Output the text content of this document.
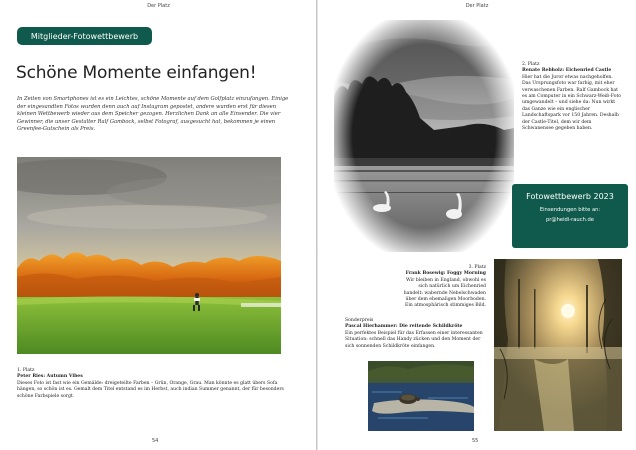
Der Platz
Mitglieder-Fotowettbewerb
Schöne Momente einfangen!

In Zeiten von Smartphones ist es ein Leichtes, schöne Momente auf dem Golfplatz einzufangen. Einige der eingesandten Fotos wurden denn auch auf Instagram gepostet, andere wurden erst für diesen kleinen Wettbewerb wieder aus dem Speicher gezogen. Herzlichen Dank an alle Einsender. Die vier Gewinner, die unser Gestalter Ralf Gambock, selbst Fotograf, ausgesucht hat, bekommen je einen Greenfee-Gutschein als Preis.

1. Platz
Peter Ries: Autumn Vibes
Dieses Foto ist fast wie ein Gemälde: dreigeteilte Farben – Grün, Orange, Grau. Man könnte es glatt übers Sofa hängen, so schön ist es. Gemalt dem Titel entstand es im Herbst, auch indian Summer genannt, der für besonders schöne Farbspiele sorgt.
54
Der Platz
55
2. Platz
Renate Rebholz: Eichenried Castle
Hier hat die Juror etwas nachgeholfen. Das Ursprungsfoto war farbig, mit eher verwaschenen Farben. Ralf Gambock hat es am Computer in ein Schwarz-Weiß-Foto umgewandelt – und siehe da: Nun wirkt das Ganze wie ein englischer Landschaftspark vor 150 Jahren. Deshalb der Castle-Titel, dem wir dem Schwanensee gegeben haben.
Fotowettbewerb 2023
Einsendungen bitte an:
pr@heidi-rauch.de
3. Platz
Frank Bosewig: Foggy Morning
Wir bleiben in England, obwohl es sich natürlich um Eichenried handelt: wabernde Nebelschwaden über dem ehemaligen Moorboden. Ein atmosphärisch stimmiges Bild.
Sonderpreis
Pascal Hierhammer: Die reitende Schildkröte
Ein perfektes Beispiel für das Erfassen einer interessanten Situation: schnell das Handy zücken und den Moment der sich sonnenden Schildkröte einfangen.
